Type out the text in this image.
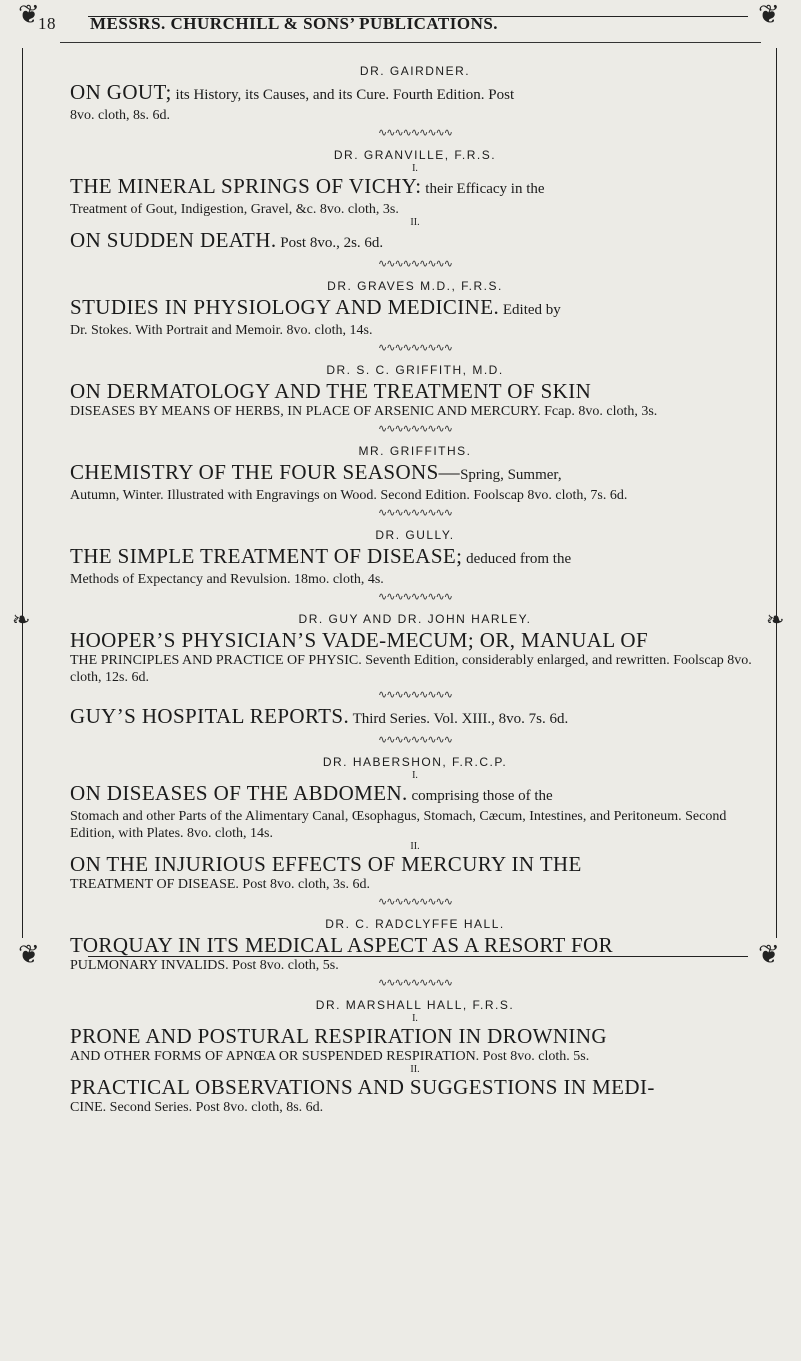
❦	❦
❦	❦
❧	❧
18	MESSRS. CHURCHILL & SONS’ PUBLICATIONS.
DR. GAIRDNER.

ON GOUT; its History, its Causes, and its Cure. Fourth Edition. Post

8vo. cloth, 8s. 6d.

∿∿∿∿∿∿∿∿∿
DR. GRANVILLE, F.R.S.
I.

THE MINERAL SPRINGS OF VICHY: their Efficacy in the

Treatment of Gout, Indigestion, Gravel, &c. 8vo. cloth, 3s.

II.

ON SUDDEN DEATH. Post 8vo., 2s. 6d.

∿∿∿∿∿∿∿∿∿
DR. GRAVES M.D., F.R.S.

STUDIES IN PHYSIOLOGY AND MEDICINE. Edited by

Dr. Stokes. With Portrait and Memoir. 8vo. cloth, 14s.

∿∿∿∿∿∿∿∿∿
DR. S. C. GRIFFITH, M.D.

ON DERMATOLOGY AND THE TREATMENT OF SKIN

DISEASES BY MEANS OF HERBS, IN PLACE OF ARSENIC AND MERCURY. Fcap. 8vo. cloth, 3s.

∿∿∿∿∿∿∿∿∿
MR. GRIFFITHS.

CHEMISTRY OF THE FOUR SEASONS—Spring, Summer,

Autumn, Winter. Illustrated with Engravings on Wood. Second Edition. Foolscap 8vo. cloth, 7s. 6d.

∿∿∿∿∿∿∿∿∿
DR. GULLY.

THE SIMPLE TREATMENT OF DISEASE; deduced from the

Methods of Expectancy and Revulsion. 18mo. cloth, 4s.

∿∿∿∿∿∿∿∿∿
DR. GUY AND DR. JOHN HARLEY.

HOOPER’S PHYSICIAN’S VADE-MECUM; OR, MANUAL OF

THE PRINCIPLES AND PRACTICE OF PHYSIC. Seventh Edition, considerably enlarged, and rewritten. Foolscap 8vo. cloth, 12s. 6d.

∿∿∿∿∿∿∿∿∿

GUY’S HOSPITAL REPORTS. Third Series. Vol. XIII., 8vo. 7s. 6d.

∿∿∿∿∿∿∿∿∿
DR. HABERSHON, F.R.C.P.
I.

ON DISEASES OF THE ABDOMEN. comprising those of the

Stomach and other Parts of the Alimentary Canal, Œsophagus, Stomach, Cæcum, Intestines, and Peritoneum. Second Edition, with Plates. 8vo. cloth, 14s.

II.

ON THE INJURIOUS EFFECTS OF MERCURY IN THE

TREATMENT OF DISEASE. Post 8vo. cloth, 3s. 6d.

∿∿∿∿∿∿∿∿∿
DR. C. RADCLYFFE HALL.

TORQUAY IN ITS MEDICAL ASPECT AS A RESORT FOR

PULMONARY INVALIDS. Post 8vo. cloth, 5s.

∿∿∿∿∿∿∿∿∿
DR. MARSHALL HALL, F.R.S.
I.

PRONE AND POSTURAL RESPIRATION IN DROWNING

AND OTHER FORMS OF APNŒA OR SUSPENDED RESPIRATION. Post 8vo. cloth. 5s.

II.

PRACTICAL OBSERVATIONS AND SUGGESTIONS IN MEDI-

CINE. Second Series. Post 8vo. cloth, 8s. 6d.
